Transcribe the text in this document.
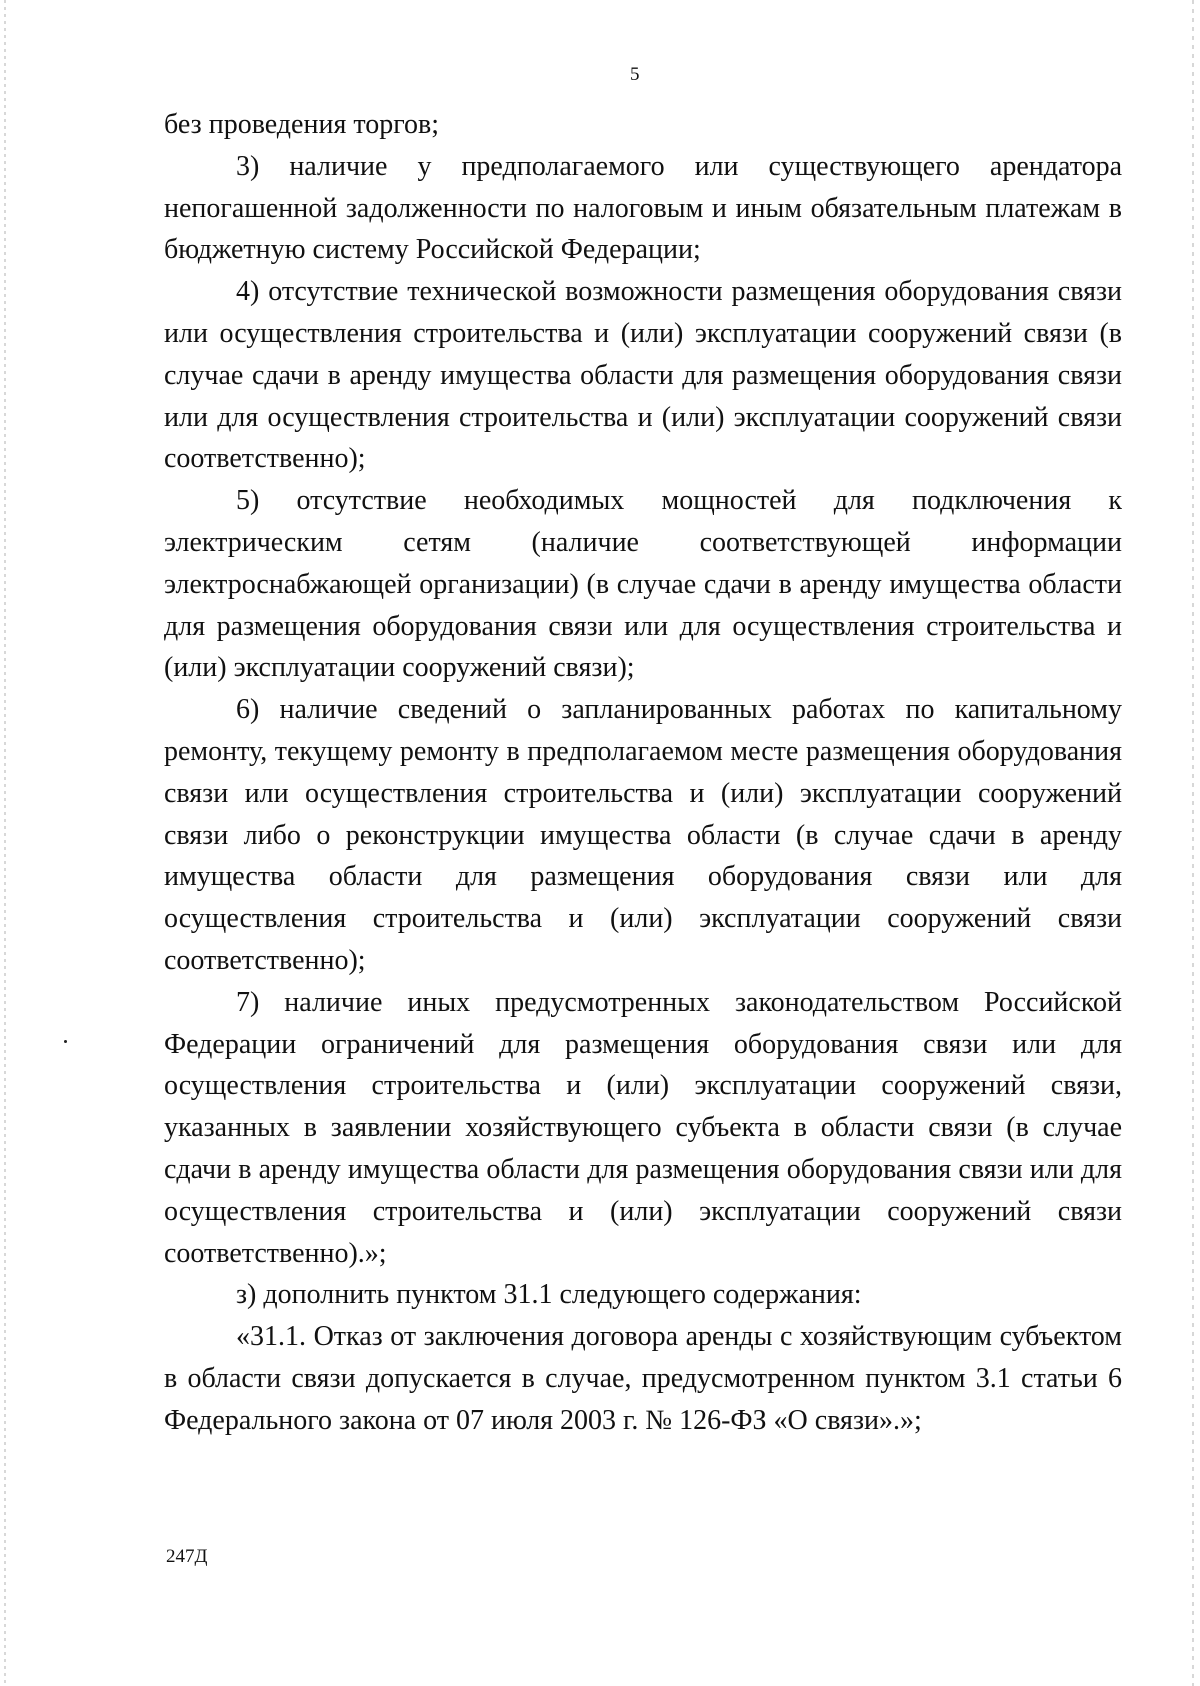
5

без проведения торгов;

3) наличие у предполагаемого или существующего арендатора непогашенной задолженности по налоговым и иным обязательным платежам в бюджетную систему Российской Федерации;

4) отсутствие технической возможности размещения оборудования связи или осуществления строительства и (или) эксплуатации сооружений связи (в случае сдачи в аренду имущества области для размещения оборудования связи или для осуществления строительства и (или) эксплуатации сооружений связи соответственно);

5) отсутствие необходимых мощностей для подключения к электрическим сетям (наличие соответствующей информации электроснабжающей организации) (в случае сдачи в аренду имущества области для размещения оборудования связи или для осуществления строительства и (или) эксплуатации сооружений связи);

6) наличие сведений о запланированных работах по капитальному ремонту, текущему ремонту в предполагаемом месте размещения оборудования связи или осуществления строительства и (или) эксплуатации сооружений связи либо о реконструкции имущества области (в случае сдачи в аренду имущества области для размещения оборудования связи или для осуществления строительства и (или) эксплуатации сооружений связи соответственно);

7) наличие иных предусмотренных законодательством Российской Федерации ограничений для размещения оборудования связи или для осуществления строительства и (или) эксплуатации сооружений связи, указанных в заявлении хозяйствующего субъекта в области связи (в случае сдачи в аренду имущества области для размещения оборудования связи или для осуществления строительства и (или) эксплуатации сооружений связи соответственно).»;

з) дополнить пунктом 31.1 следующего содержания:

«31.1. Отказ от заключения договора аренды с хозяйствующим субъектом в области связи допускается в случае, предусмотренном пунктом 3.1 статьи 6 Федерального закона от 07 июля 2003 г. № 126-ФЗ «О связи».»;

247Д
